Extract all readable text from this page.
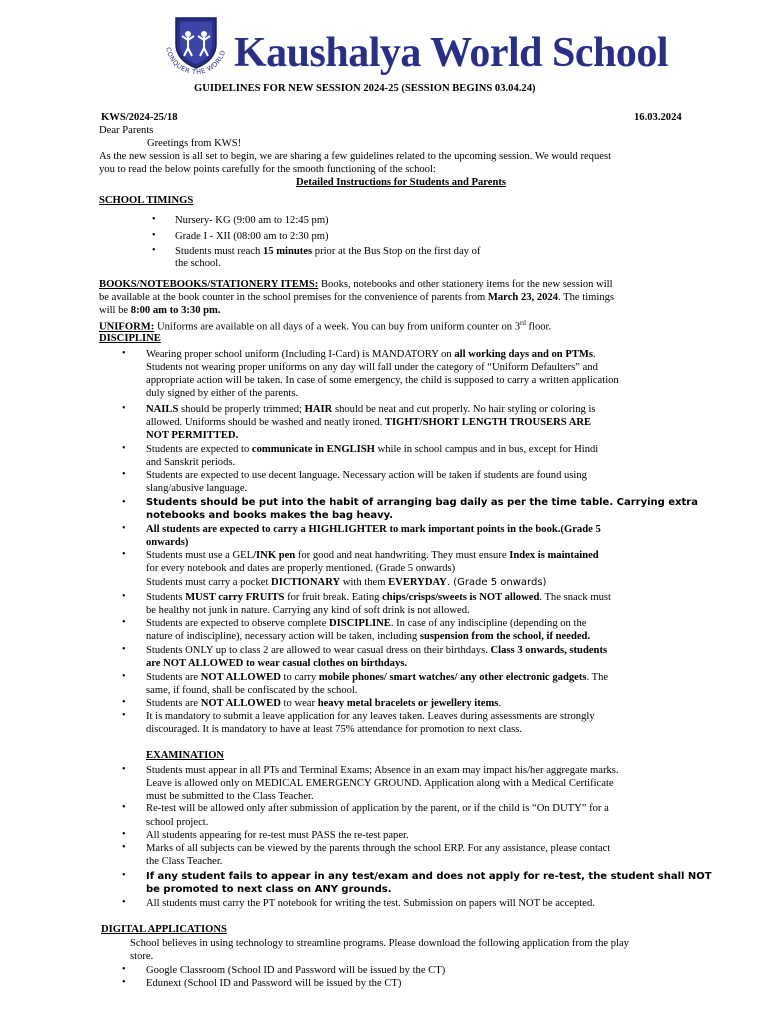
CONQUER THE WORLD Kaushalya World School
GUIDELINES FOR NEW SESSION 2024-25 (SESSION BEGINS 03.04.24)
KWS/2024-25/18	16.03.2024
Dear Parents
Greetings from KWS!
As the new session is all set to begin, we are sharing a few guidelines related to the upcoming session. We would request
you to read the below points carefully for the smooth functioning of the school:
Detailed Instructions for Students and Parents
SCHOOL TIMINGS
• Nursery- KG (9:00 am to 12:45 pm)
• Grade I - XII (08:00 am to 2:30 pm)
• Students must reach 15 minutes prior at the Bus Stop on the first day of
the school.
BOOKS/NOTEBOOKS/STATIONERY ITEMS: Books, notebooks and other stationery items for the new session will
be available at the book counter in the school premises for the convenience of parents from March 23, 2024. The timings
will be 8:00 am to 3:30 pm.
UNIFORM: Uniforms are available on all days of a week. You can buy from uniform counter on 3rd floor.
DISCIPLINE
• Wearing proper school uniform (Including I-Card) is MANDATORY on all working days and on PTMs.
Students not wearing proper uniforms on any day will fall under the category of “Uniform Defaulters” and
appropriate action will be taken. In case of some emergency, the child is supposed to carry a written application
duly signed by either of the parents.
• NAILS should be properly trimmed; HAIR should be neat and cut properly. No hair styling or coloring is
allowed. Uniforms should be washed and neatly ironed. TIGHT/SHORT LENGTH TROUSERS ARE
NOT PERMITTED.
• Students are expected to communicate in ENGLISH while in school campus and in bus, except for Hindi
and Sanskrit periods.
• Students are expected to use decent language. Necessary action will be taken if students are found using
slang/abusive language.
• Students should be put into the habit of arranging bag daily as per the time table. Carrying extra
notebooks and books makes the bag heavy.
• All students are expected to carry a HIGHLIGHTER to mark important points in the book.(Grade 5
onwards)
• Students must use a GEL/INK pen for good and neat handwriting. They must ensure Index is maintained
for every notebook and dates are properly mentioned. (Grade 5 onwards)
Students must carry a pocket DICTIONARY with them EVERYDAY. (Grade 5 onwards)
• Students MUST carry FRUITS for fruit break. Eating chips/crisps/sweets is NOT allowed. The snack must
be healthy not junk in nature. Carrying any kind of soft drink is not allowed.
• Students are expected to observe complete DISCIPLINE. In case of any indiscipline (depending on the
nature of indiscipline), necessary action will be taken, including suspension from the school, if needed.
• Students ONLY up to class 2 are allowed to wear casual dress on their birthdays. Class 3 onwards, students
are NOT ALLOWED to wear casual clothes on birthdays.
• Students are NOT ALLOWED to carry mobile phones/ smart watches/ any other electronic gadgets. The
same, if found, shall be confiscated by the school.
• Students are NOT ALLOWED to wear heavy metal bracelets or jewellery items.
• It is mandatory to submit a leave application for any leaves taken. Leaves during assessments are strongly
discouraged. It is mandatory to have at least 75% attendance for promotion to next class.
EXAMINATION
• Students must appear in all PTs and Terminal Exams; Absence in an exam may impact his/her aggregate marks.
Leave is allowed only on MEDICAL EMERGENCY GROUND. Application along with a Medical Certificate
must be submitted to the Class Teacher.
• Re-test will be allowed only after submission of application by the parent, or if the child is “On DUTY” for a
school project.
• All students appearing for re-test must PASS the re-test paper.
• Marks of all subjects can be viewed by the parents through the school ERP. For any assistance, please contact
the Class Teacher.
• If any student fails to appear in any test/exam and does not apply for re-test, the student shall NOT
be promoted to next class on ANY grounds.
• All students must carry the PT notebook for writing the test. Submission on papers will NOT be accepted.
DIGITAL APPLICATIONS
School believes in using technology to streamline programs. Please download the following application from the play
store.
• Google Classroom (School ID and Password will be issued by the CT)
• Edunext (School ID and Password will be issued by the CT)
